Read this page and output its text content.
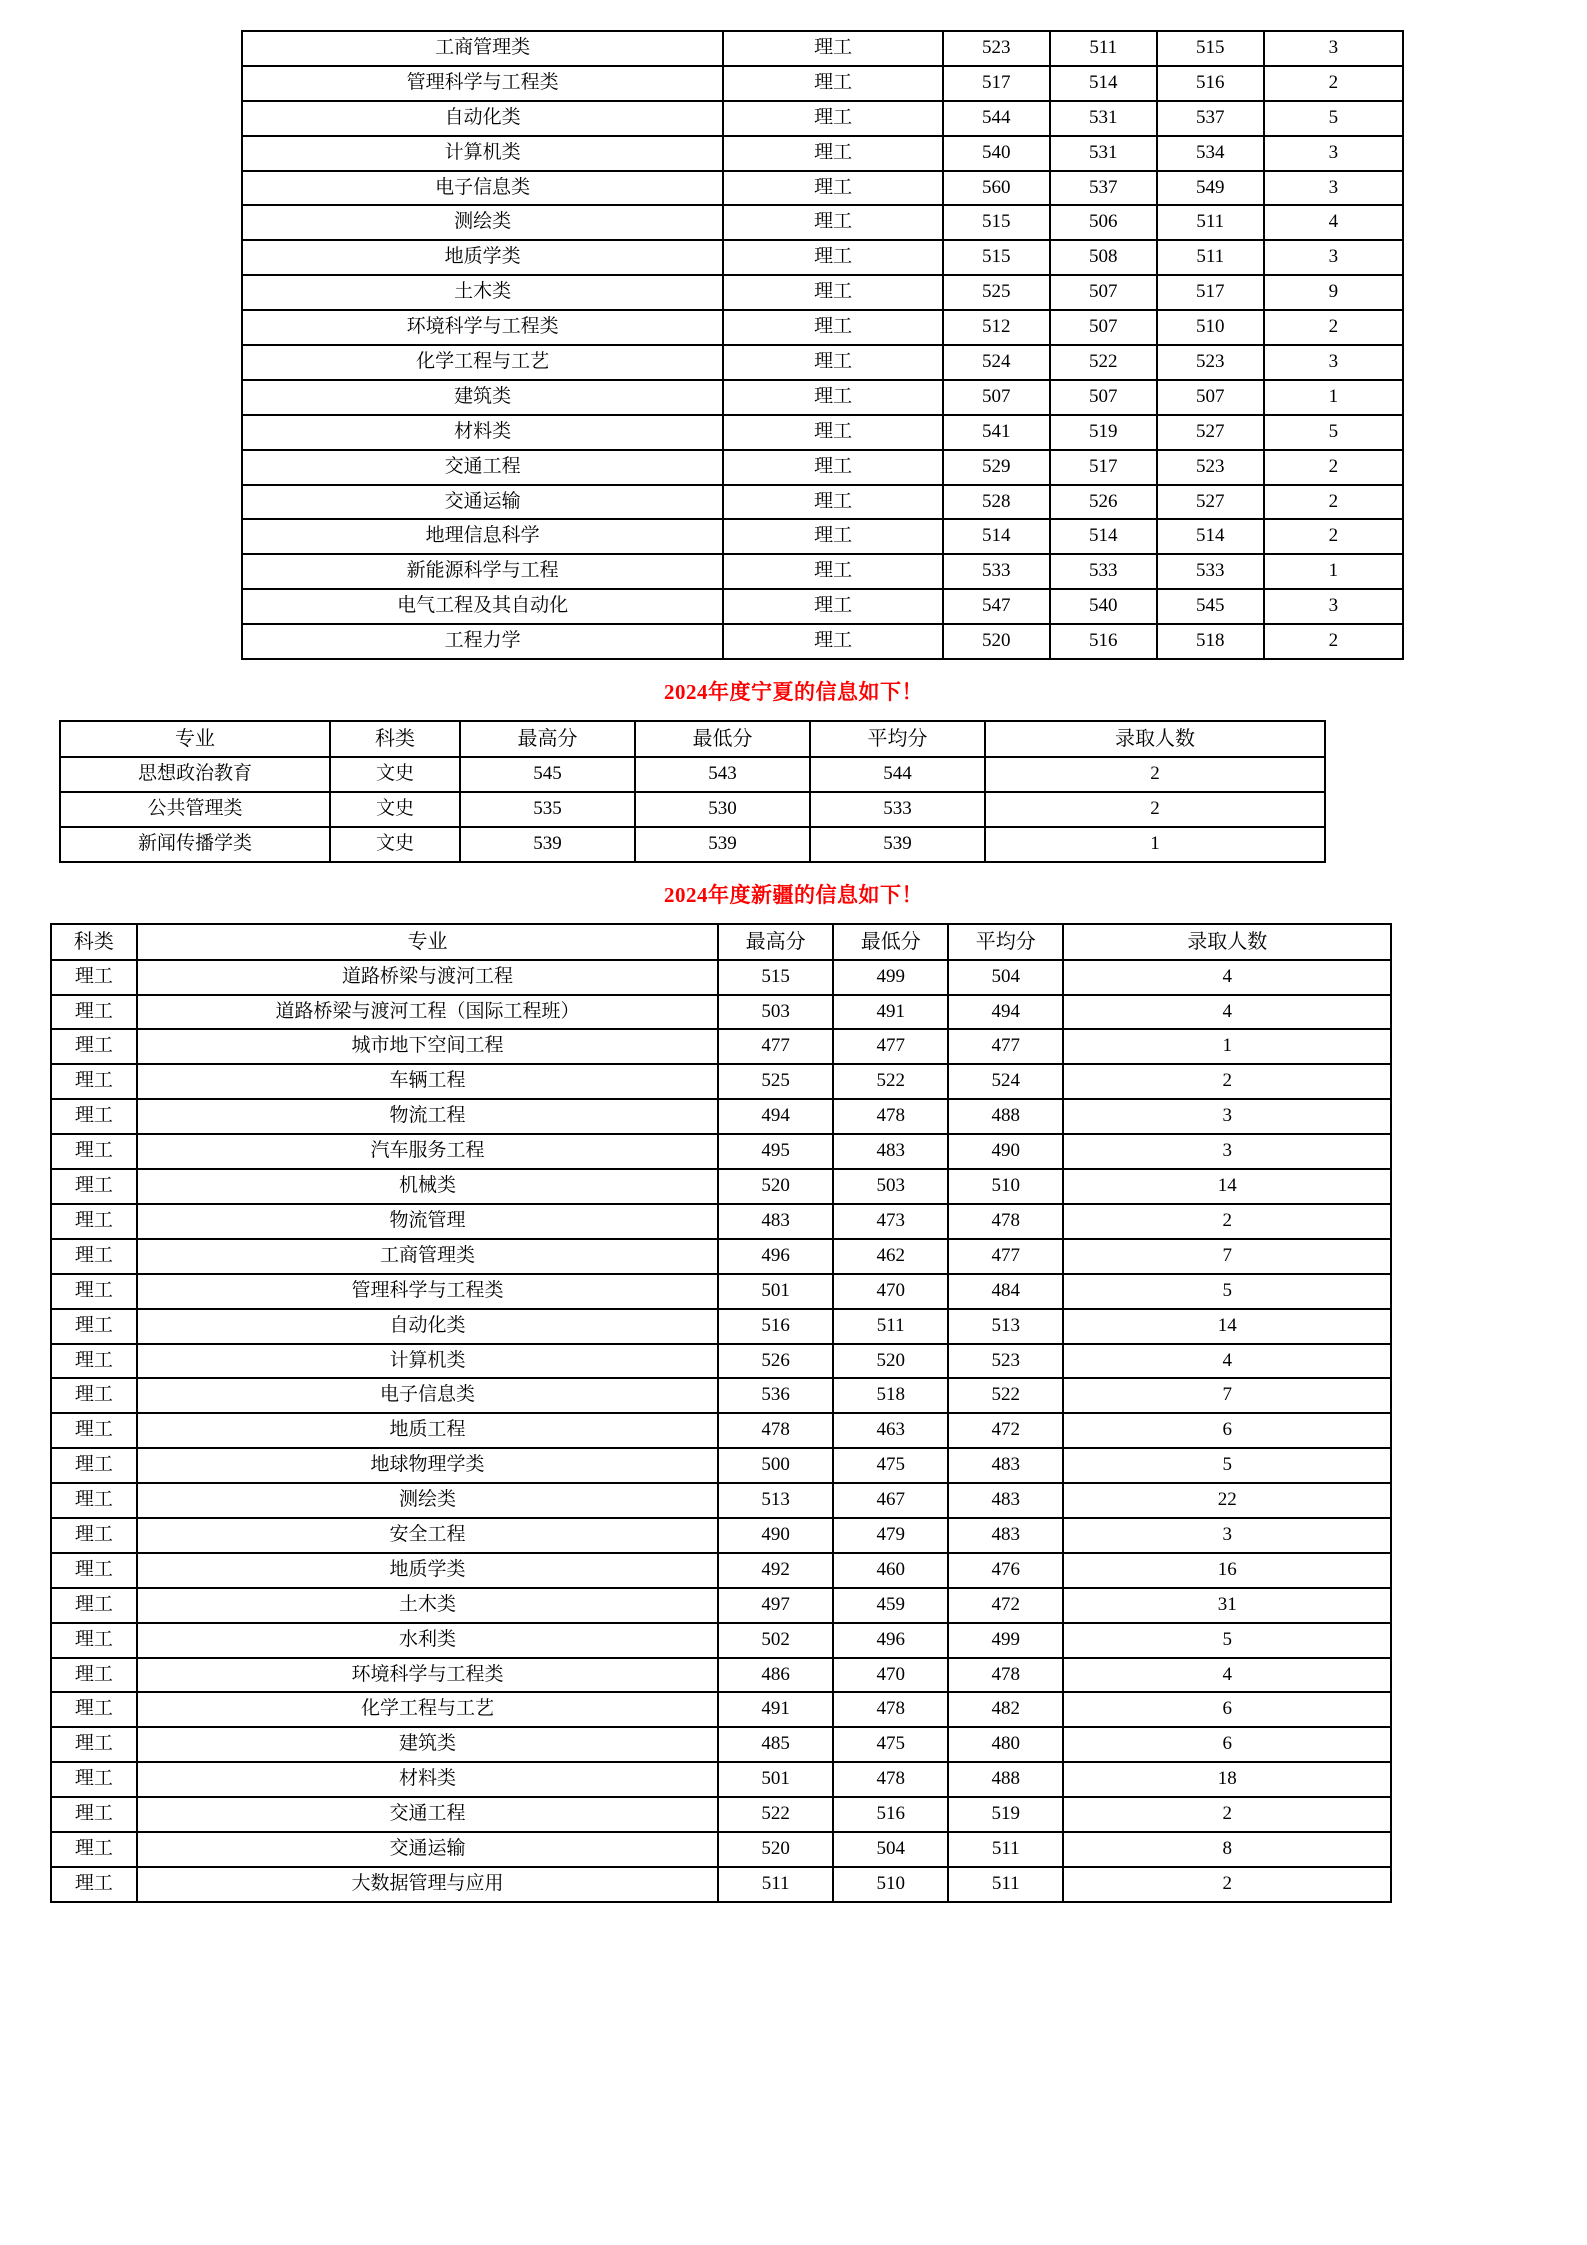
	工商管理类	理工	523	511	515	3
	管理科学与工程类	理工	517	514	516	2
	自动化类	理工	544	531	537	5
	计算机类	理工	540	531	534	3
	电子信息类	理工	560	537	549	3
	测绘类	理工	515	506	511	4
	地质学类	理工	515	508	511	3
	土木类	理工	525	507	517	9
	环境科学与工程类	理工	512	507	510	2
	化学工程与工艺	理工	524	522	523	3
	建筑类	理工	507	507	507	1
	材料类	理工	541	519	527	5
	交通工程	理工	529	517	523	2
	交通运输	理工	528	526	527	2
	地理信息科学	理工	514	514	514	2
	新能源科学与工程	理工	533	533	533	1
	电气工程及其自动化	理工	547	540	545	3
	工程力学	理工	520	516	518	2
2024年度宁夏的信息如下！
	专业	科类	最高分	最低分	平均分	录取人数
	思想政治教育	文史	545	543	544	2
	公共管理类	文史	535	530	533	2
	新闻传播学类	文史	539	539	539	1
2024年度新疆的信息如下！
	科类	专业	最高分	最低分	平均分	录取人数
	理工	道路桥梁与渡河工程	515	499	504	4
	理工	道路桥梁与渡河工程（国际工程班）	503	491	494	4
	理工	城市地下空间工程	477	477	477	1
	理工	车辆工程	525	522	524	2
	理工	物流工程	494	478	488	3
	理工	汽车服务工程	495	483	490	3
	理工	机械类	520	503	510	14
	理工	物流管理	483	473	478	2
	理工	工商管理类	496	462	477	7
	理工	管理科学与工程类	501	470	484	5
	理工	自动化类	516	511	513	14
	理工	计算机类	526	520	523	4
	理工	电子信息类	536	518	522	7
	理工	地质工程	478	463	472	6
	理工	地球物理学类	500	475	483	5
	理工	测绘类	513	467	483	22
	理工	安全工程	490	479	483	3
	理工	地质学类	492	460	476	16
	理工	土木类	497	459	472	31
	理工	水利类	502	496	499	5
	理工	环境科学与工程类	486	470	478	4
	理工	化学工程与工艺	491	478	482	6
	理工	建筑类	485	475	480	6
	理工	材料类	501	478	488	18
	理工	交通工程	522	516	519	2
	理工	交通运输	520	504	511	8
	理工	大数据管理与应用	511	510	511	2
